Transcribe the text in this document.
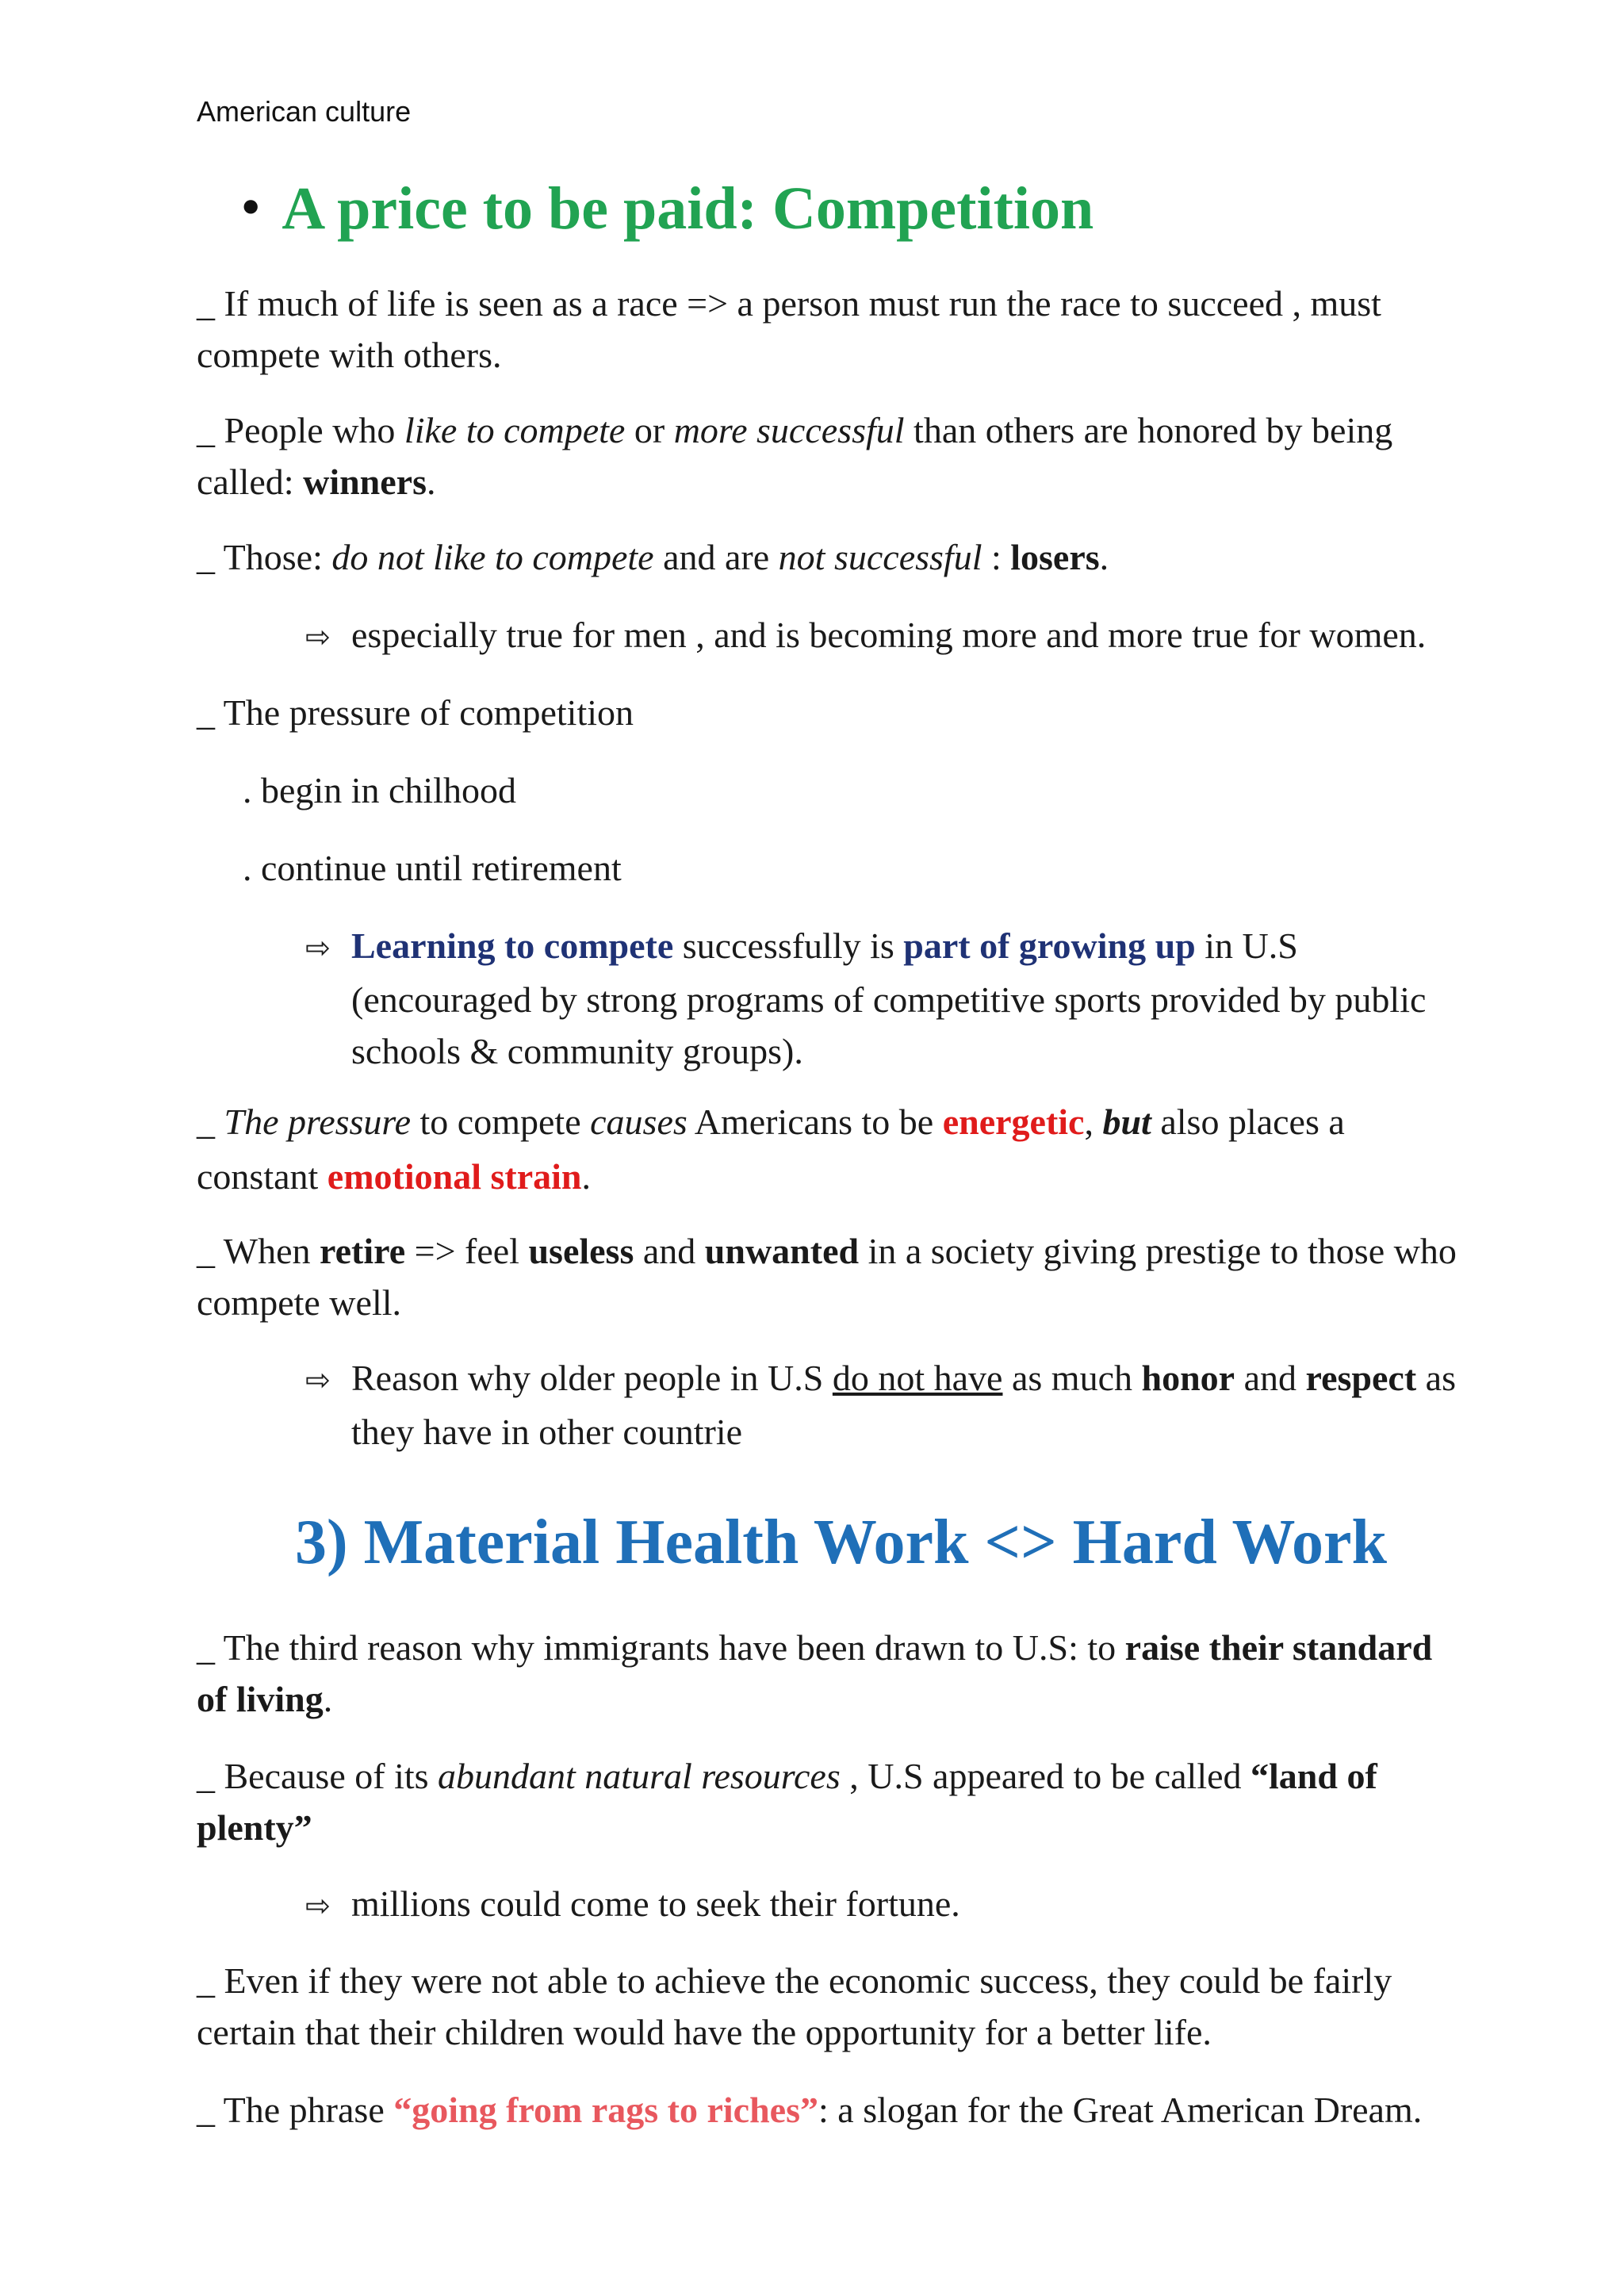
American culture
• A price to be paid: Competition
_ If much of life is seen as a race => a person must run the race to succeed , must
compete with others.
_ People who like to compete or more successful than others are honored by being
called: winners.
_ Those: do not like to compete and are not successful : losers.
⇨ especially true for men , and is becoming more and more true for women.
_ The pressure of competition
. begin in chilhood
. continue until retirement
⇨ Learning to compete successfully is part of growing up in U.S
(encouraged by strong programs of competitive sports provided by public
schools & community groups).
_ The pressure to compete causes Americans to be energetic, but also places a
constant emotional strain.
_ When retire => feel useless and unwanted in a society giving prestige to those who
compete well.
⇨ Reason why older people in U.S do not have as much honor and respect as
they have in other countrie
3) Material Health Work <> Hard Work
_ The third reason why immigrants have been drawn to U.S: to raise their standard
of living.
_ Because of its abundant natural resources , U.S appeared to be called “land of
plenty”
⇨ millions could come to seek their fortune.
_ Even if they were not able to achieve the economic success, they could be fairly
certain that their children would have the opportunity for a better life.
_ The phrase “going from rags to riches”: a slogan for the Great American Dream.
